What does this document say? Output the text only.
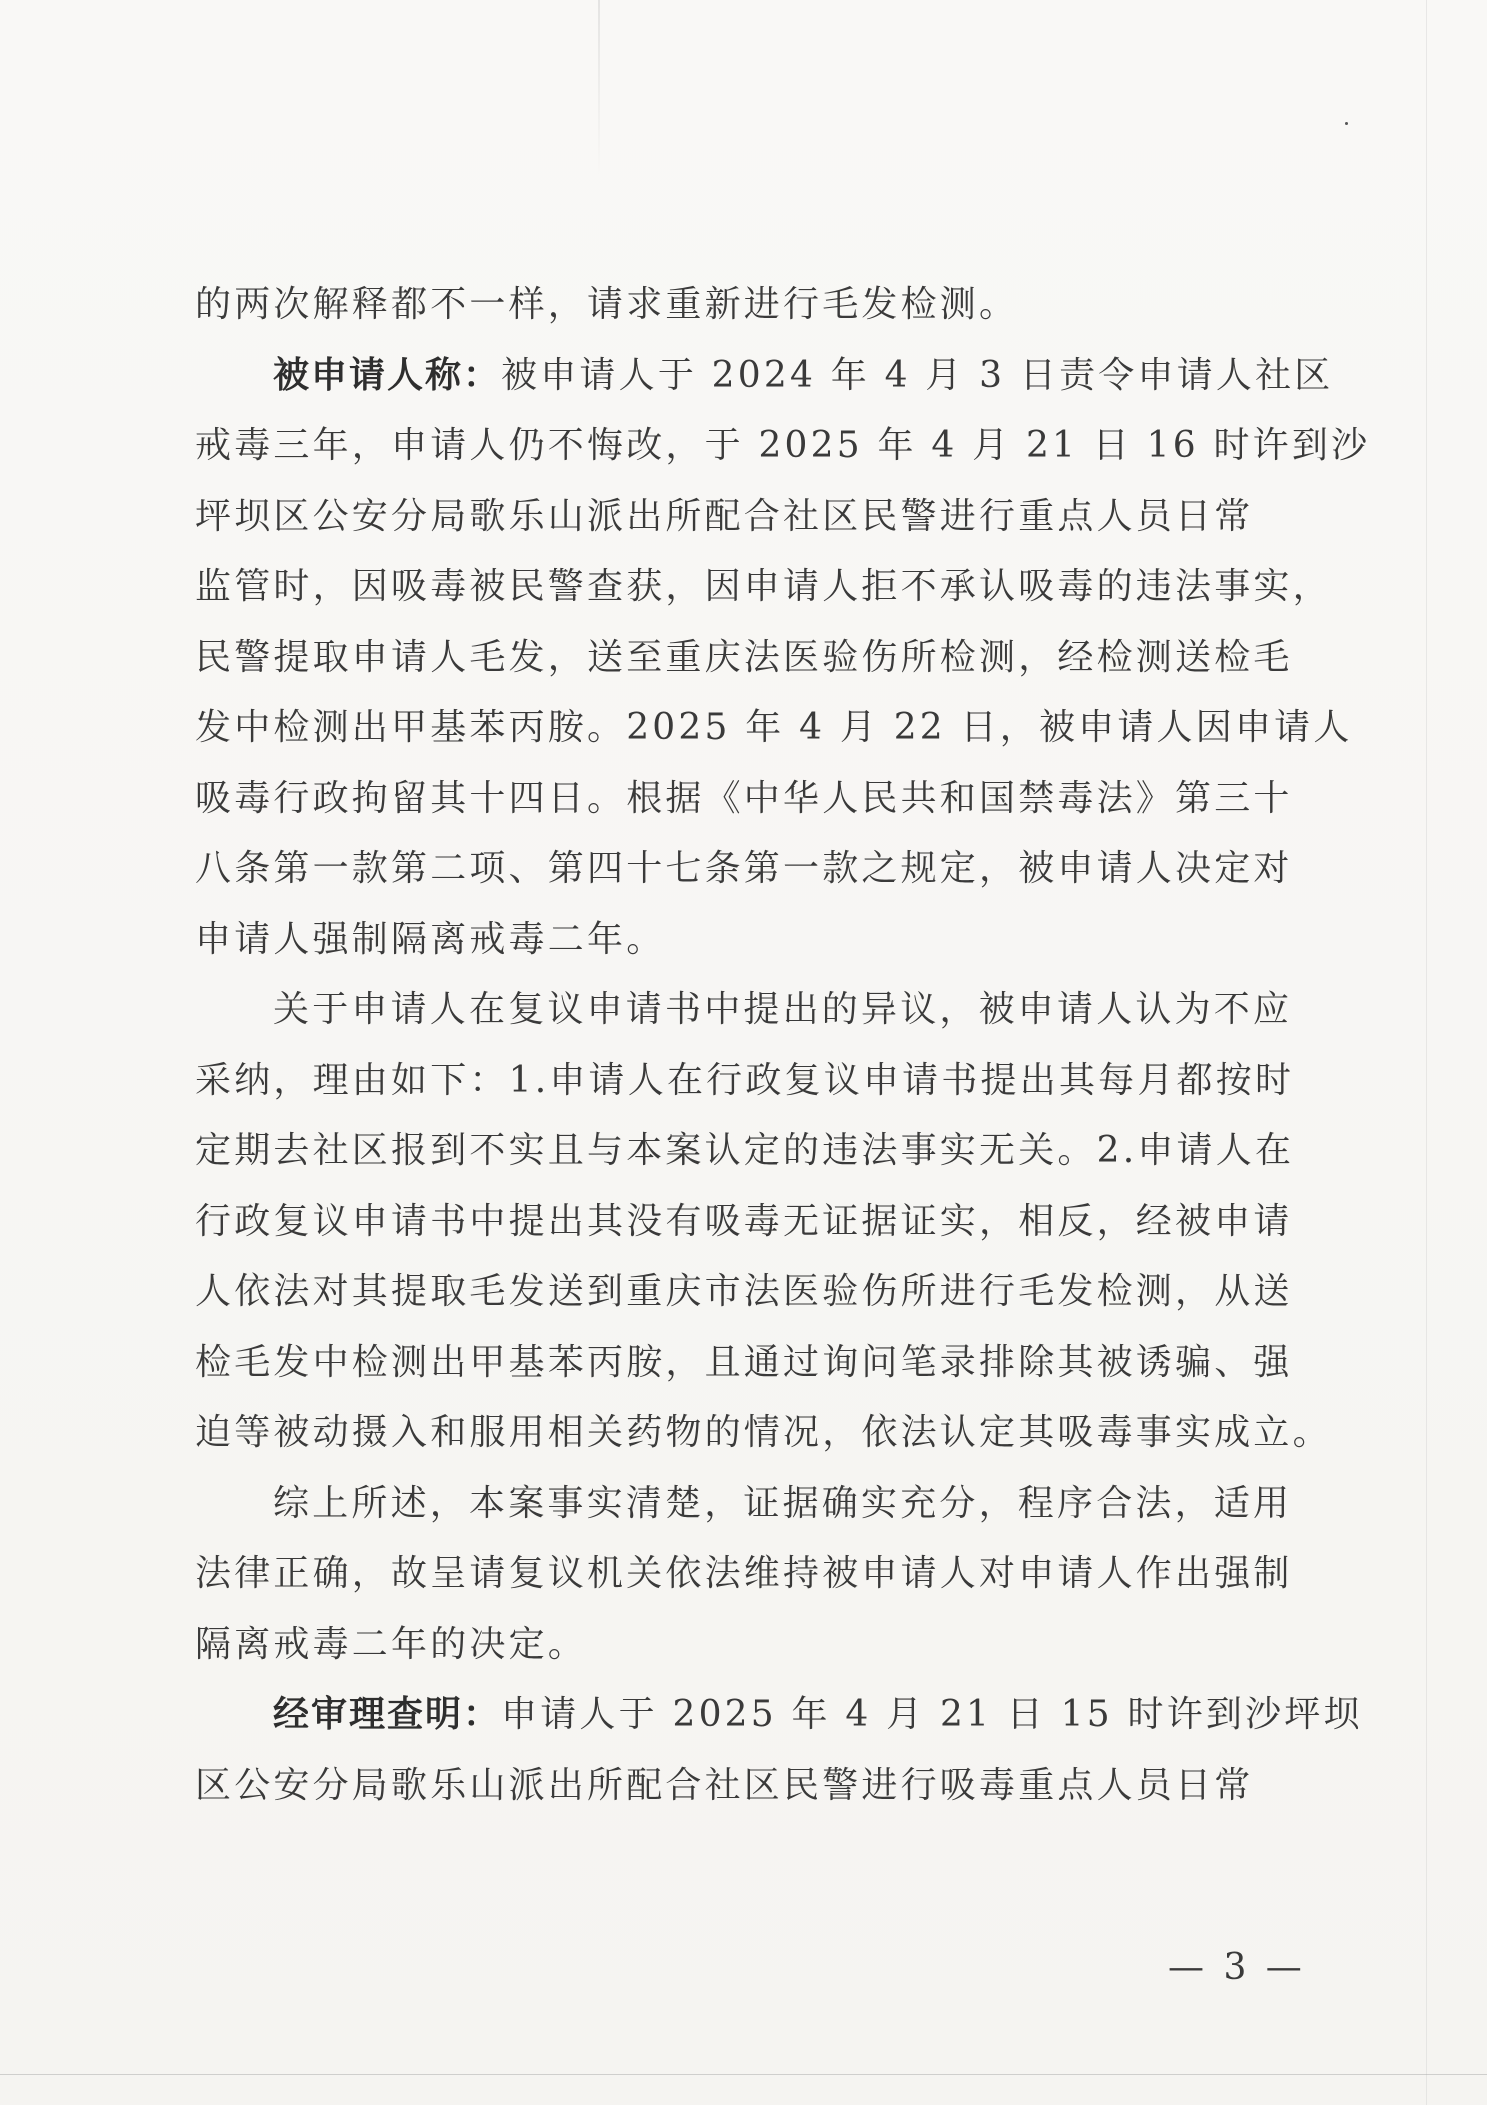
的两次解释都不一样，请求重新进行毛发检测。
被申请人称：被申请人于 2024 年 4 月 3 日责令申请人社区
戒毒三年，申请人仍不悔改，于 2025 年 4 月 21 日 16 时许到沙
坪坝区公安分局歌乐山派出所配合社区民警进行重点人员日常
监管时，因吸毒被民警查获，因申请人拒不承认吸毒的违法事实，
民警提取申请人毛发，送至重庆法医验伤所检测，经检测送检毛
发中检测出甲基苯丙胺。2025 年 4 月 22 日，被申请人因申请人
吸毒行政拘留其十四日。根据《中华人民共和国禁毒法》第三十
八条第一款第二项、第四十七条第一款之规定，被申请人决定对
申请人强制隔离戒毒二年。
关于申请人在复议申请书中提出的异议，被申请人认为不应
采纳，理由如下：1.申请人在行政复议申请书提出其每月都按时
定期去社区报到不实且与本案认定的违法事实无关。2.申请人在
行政复议申请书中提出其没有吸毒无证据证实，相反，经被申请
人依法对其提取毛发送到重庆市法医验伤所进行毛发检测，从送
检毛发中检测出甲基苯丙胺，且通过询问笔录排除其被诱骗、强
迫等被动摄入和服用相关药物的情况，依法认定其吸毒事实成立。
综上所述，本案事实清楚，证据确实充分，程序合法，适用
法律正确，故呈请复议机关依法维持被申请人对申请人作出强制
隔离戒毒二年的决定。
经审理查明：申请人于 2025 年 4 月 21 日 15 时许到沙坪坝
区公安分局歌乐山派出所配合社区民警进行吸毒重点人员日常
— 3 —
